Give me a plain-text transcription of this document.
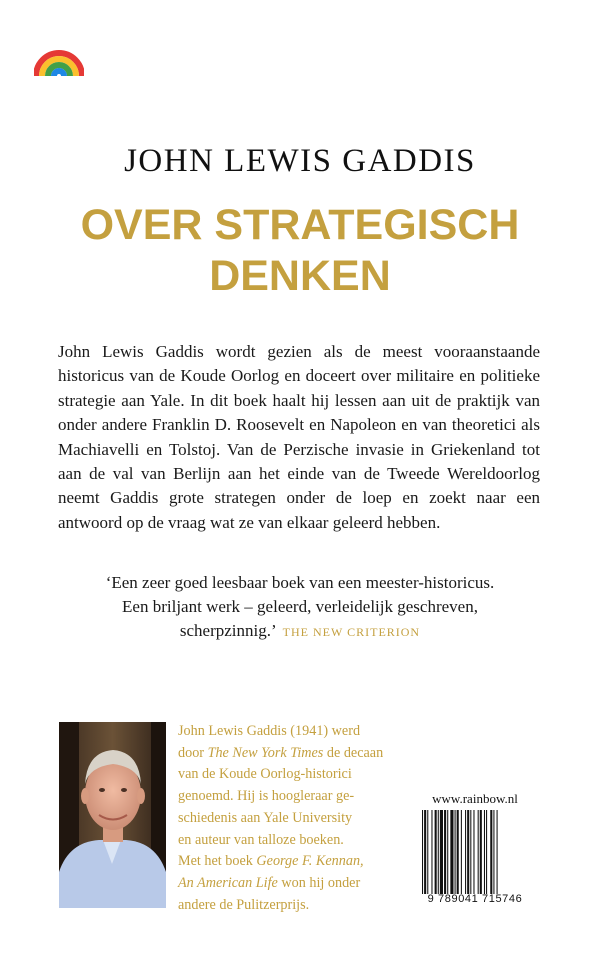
JOHN LEWIS GADDIS
OVER STRATEGISCH
DENKEN

John Lewis Gaddis wordt gezien als de meest vooraanstaande historicus van de Koude Oorlog en doceert over militaire en politieke strategie aan Yale. In dit boek haalt hij lessen aan uit de praktijk van onder andere Franklin D. Roosevelt en Napoleon en van theoretici als Machiavelli en Tolstoj. Van de Perzische invasie in Griekenland tot aan de val van Berlijn aan het einde van de Tweede Wereldoorlog neemt Gaddis grote strategen onder de loep en zoekt naar een antwoord op de vraag wat ze van elkaar geleerd hebben.

‘Een zeer goed leesbaar boek van een meester-historicus.
Een briljant werk – geleerd, verleidelijk geschreven,
scherpzinnig.’ THE NEW CRITERION
John Lewis Gaddis (1941) werd
door The New York Times de decaan
van de Koude Oorlog-historici
genoemd. Hij is hoogleraar ge-
schiedenis aan Yale University
en auteur van talloze boeken.
Met het boek George F. Kennan,
An American Life won hij onder
andere de Pulitzerprijs.
www.rainbow.nl
9 789041 715746
